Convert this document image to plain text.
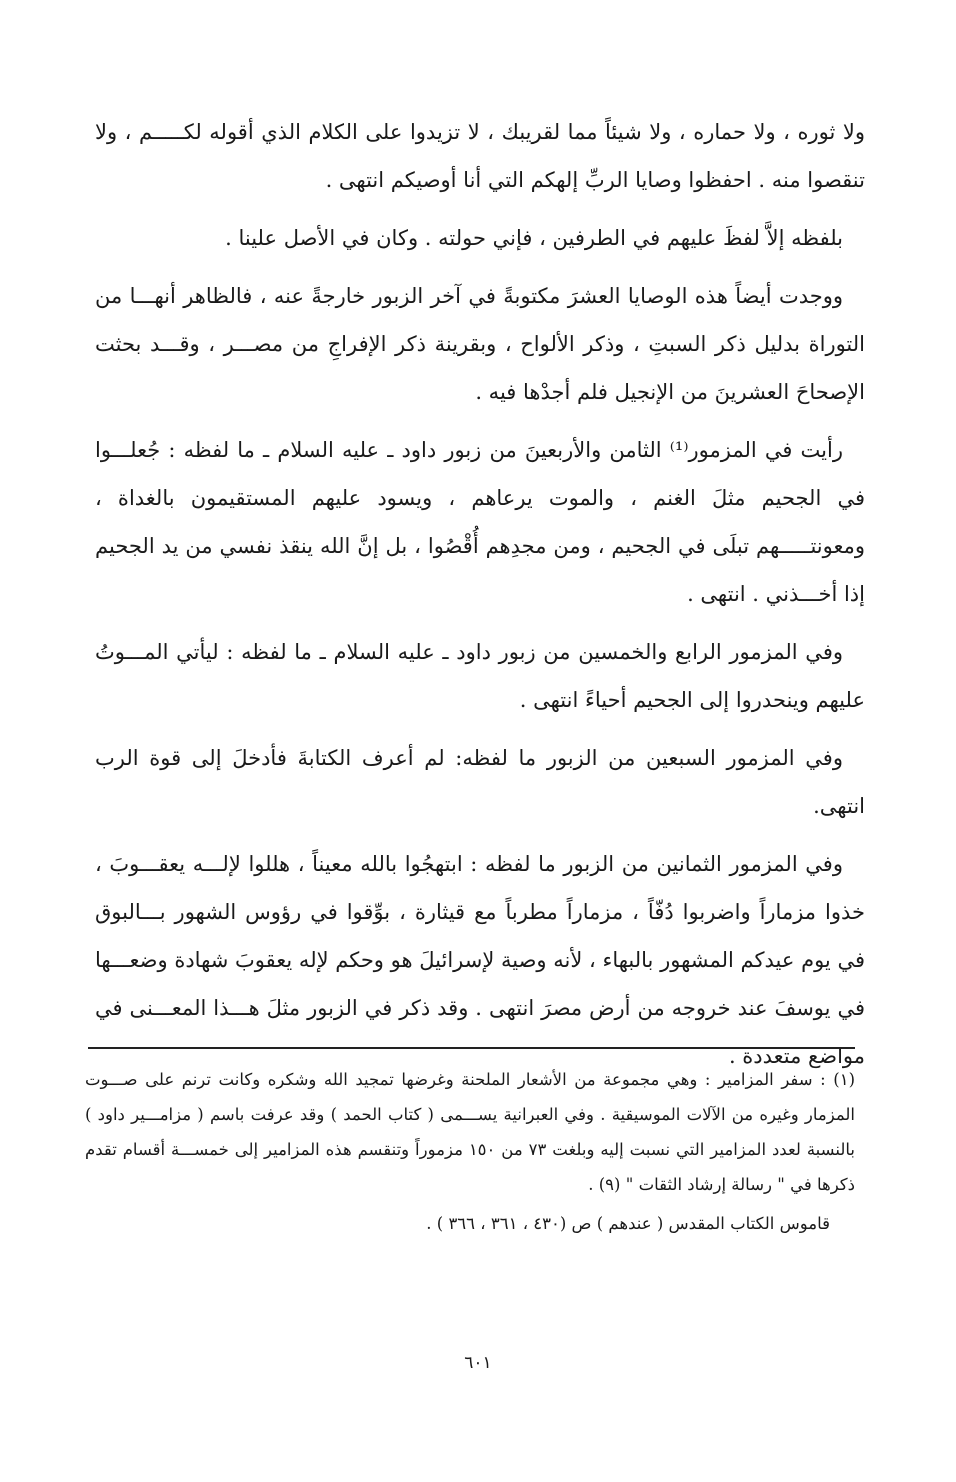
ولا ثوره ، ولا حماره ، ولا شيئاً مما لقريبك ، لا تزيدوا على الكلام الذي أقوله لكـــــم ، ولا تنقصوا منه . احفظوا وصايا الربِّ إلهكم التي أنا أوصيكم انتهى .

بلفظه إلاَّ لفظَ عليهم في الطرفين ، فإني حولته . وكان في الأصل علينا .

ووجدت أيضاً هذه الوصايا العشرَ مكتوبةً في آخر الزبور خارجةً عنه ، فالظاهر أنهـــا من التوراة بدليل ذكر السبتِ ، وذكر الألواح ، وبقرينة ذكر الإفراجِ من مصـــر ، وقـــد بحثت الإصحاحَ العشرينَ من الإنجيل فلم أجدْها فيه .

رأيت في المزمور⁽¹⁾ الثامن والأربعينَ من زبور داود ـ عليه السلام ـ ما لفظه : جُعلـــوا في الجحيم مثلَ الغنم ، والموت يرعاهم ، ويسود عليهم المستقيمون بالغداة ، ومعونتـــــهم تبلَى في الجحيم ، ومن مجدِهم أُقْصُوا ، بل إنَّ الله ينقذ نفسي من يد الجحيم إذا أخـــذني . انتهى .

وفي المزمور الرابع والخمسين من زبور داود ـ عليه السلام ـ ما لفظه : ليأتي المـــوتُ عليهم وينحدروا إلى الجحيم أحياءً انتهى .

وفي المزمور السبعين من الزبور ما لفظه: لم أعرف الكتابةَ فأدخلَ إلى قوة الرب انتهى.

وفي المزمور الثمانين من الزبور ما لفظه : ابتهجُوا بالله معيناً ، هللوا لإلـــه يعقـــوبَ ، خذوا مزماراً واضربوا دُفّاً ، مزماراً مطرباً مع قيثارة ، بوِّقوا في رؤوس الشهور بـــالبوق في يوم عيدكم المشهور بالبهاء ، لأنه وصية لإسرائيلَ هو وحكم لإله يعقوبَ شهادة وضعـــها في يوسفَ عند خروجه من أرض مصرَ انتهى . وقد ذكر في الزبور مثلَ هـــذا المعـــنى في مواضع متعددة .

(١) : سفر المزامير : وهي مجموعة من الأشعار الملحنة وغرضها تمجيد الله وشكره وكانت ترنم على صـــوت المزمار وغيره من الآلات الموسيقية . وفي العبرانية يســـمى ( كتاب الحمد ) وقد عرفت باسم ( مزامـــير داود ) بالنسبة لعدد المزامير التي نسبت إليه وبلغت ٧٣ من ١٥٠ مزموراً وتنقسم هذه المزامير إلى خمســـة أقسام تقدم ذكرها في " رسالة إرشاد الثقات " (٩) .

قاموس الكتاب المقدس ( عندهم ) ص (٤٣٠ ، ٣٦١ ، ٣٦٦ ) .

٦٠١
